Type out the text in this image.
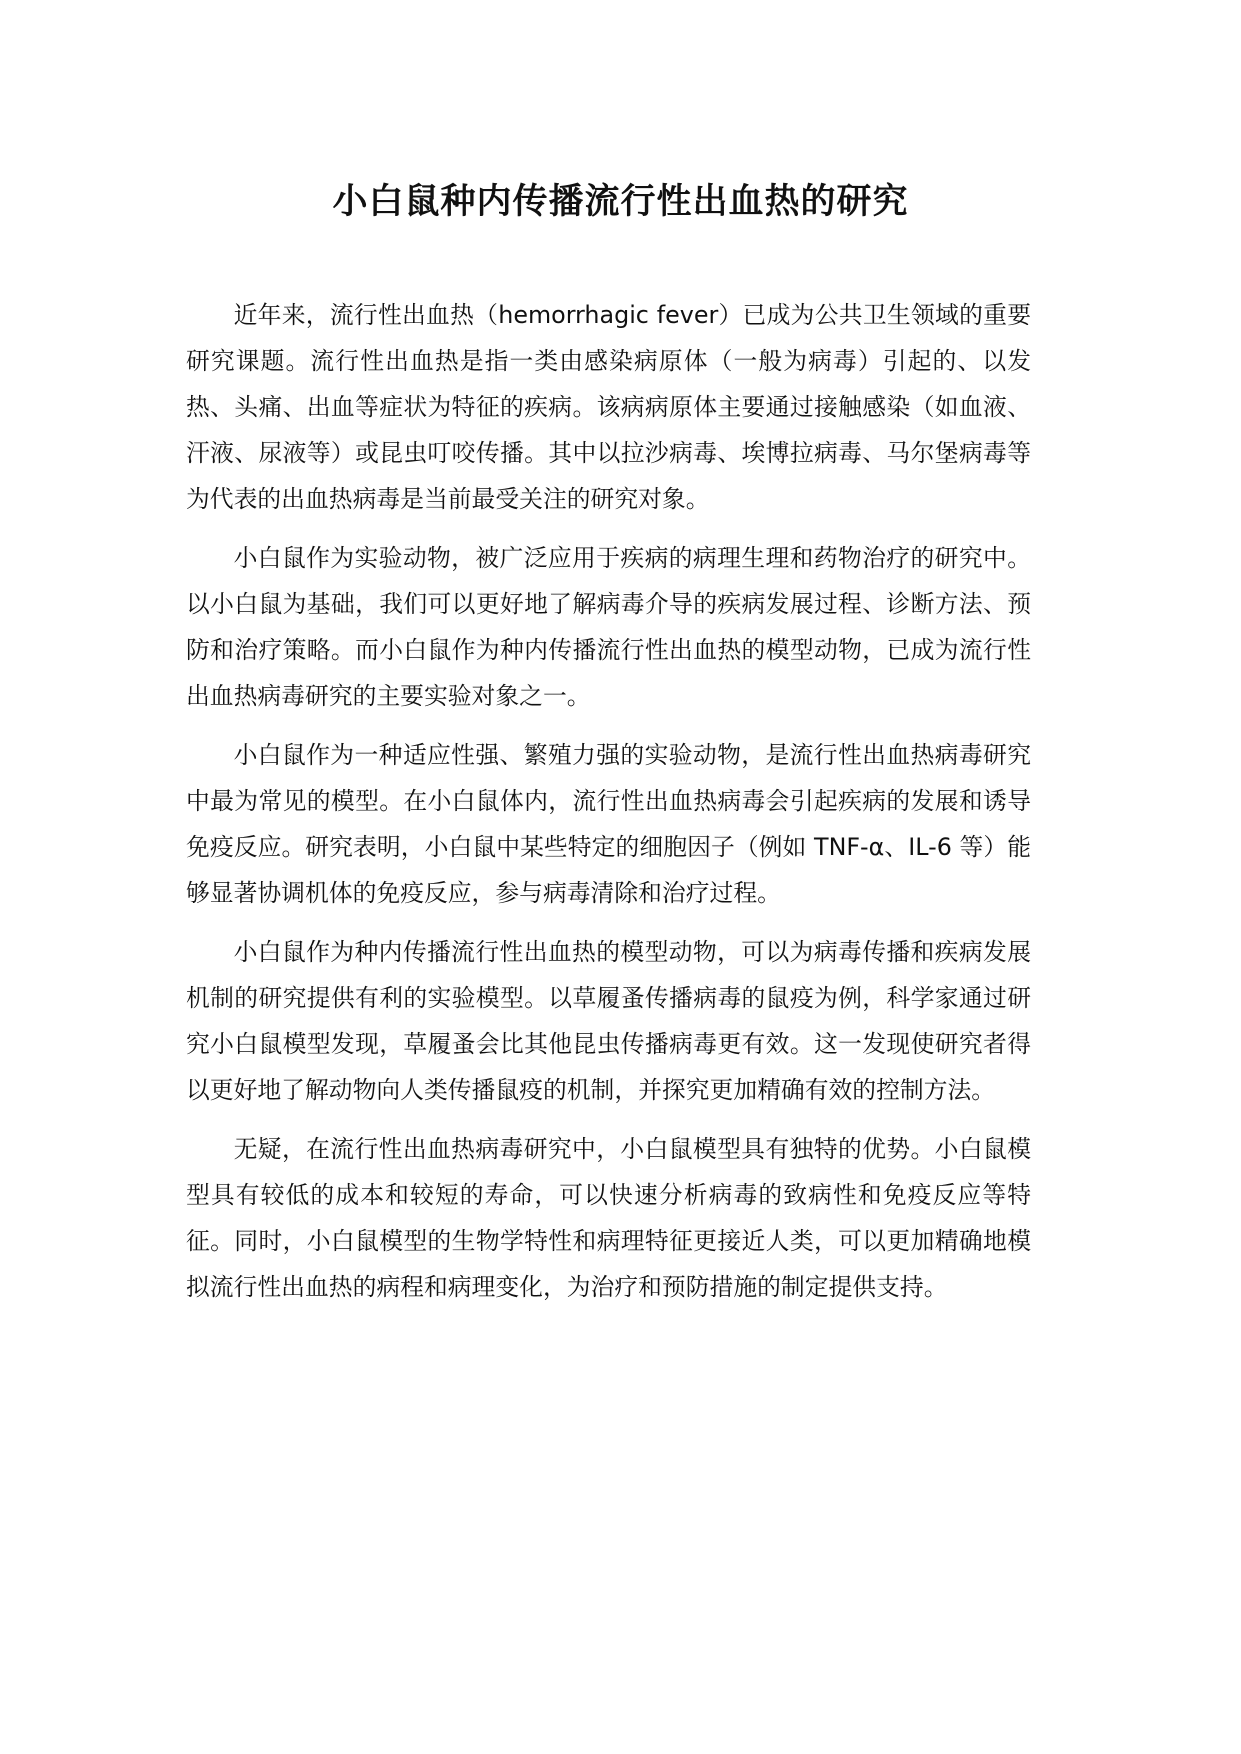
小白鼠种内传播流行性出血热的研究

近年来，流行性出血热（hemorrhagic fever）已成为公共卫生领域的重要研究课题。流行性出血热是指一类由感染病原体（一般为病毒）引起的、以发热、头痛、出血等症状为特征的疾病。该病病原体主要通过接触感染（如血液、汗液、尿液等）或昆虫叮咬传播。其中以拉沙病毒、埃博拉病毒、马尔堡病毒等为代表的出血热病毒是当前最受关注的研究对象。

小白鼠作为实验动物，被广泛应用于疾病的病理生理和药物治疗的研究中。以小白鼠为基础，我们可以更好地了解病毒介导的疾病发展过程、诊断方法、预防和治疗策略。而小白鼠作为种内传播流行性出血热的模型动物，已成为流行性出血热病毒研究的主要实验对象之一。

小白鼠作为一种适应性强、繁殖力强的实验动物，是流行性出血热病毒研究中最为常见的模型。在小白鼠体内，流行性出血热病毒会引起疾病的发展和诱导免疫反应。研究表明，小白鼠中某些特定的细胞因子（例如 TNF-α、IL-6 等）能够显著协调机体的免疫反应，参与病毒清除和治疗过程。

小白鼠作为种内传播流行性出血热的模型动物，可以为病毒传播和疾病发展机制的研究提供有利的实验模型。以草履蚤传播病毒的鼠疫为例，科学家通过研究小白鼠模型发现，草履蚤会比其他昆虫传播病毒更有效。这一发现使研究者得以更好地了解动物向人类传播鼠疫的机制，并探究更加精确有效的控制方法。

无疑，在流行性出血热病毒研究中，小白鼠模型具有独特的优势。小白鼠模型具有较低的成本和较短的寿命，可以快速分析病毒的致病性和免疫反应等特征。同时，小白鼠模型的生物学特性和病理特征更接近人类，可以更加精确地模拟流行性出血热的病程和病理变化，为治疗和预防措施的制定提供支持。
